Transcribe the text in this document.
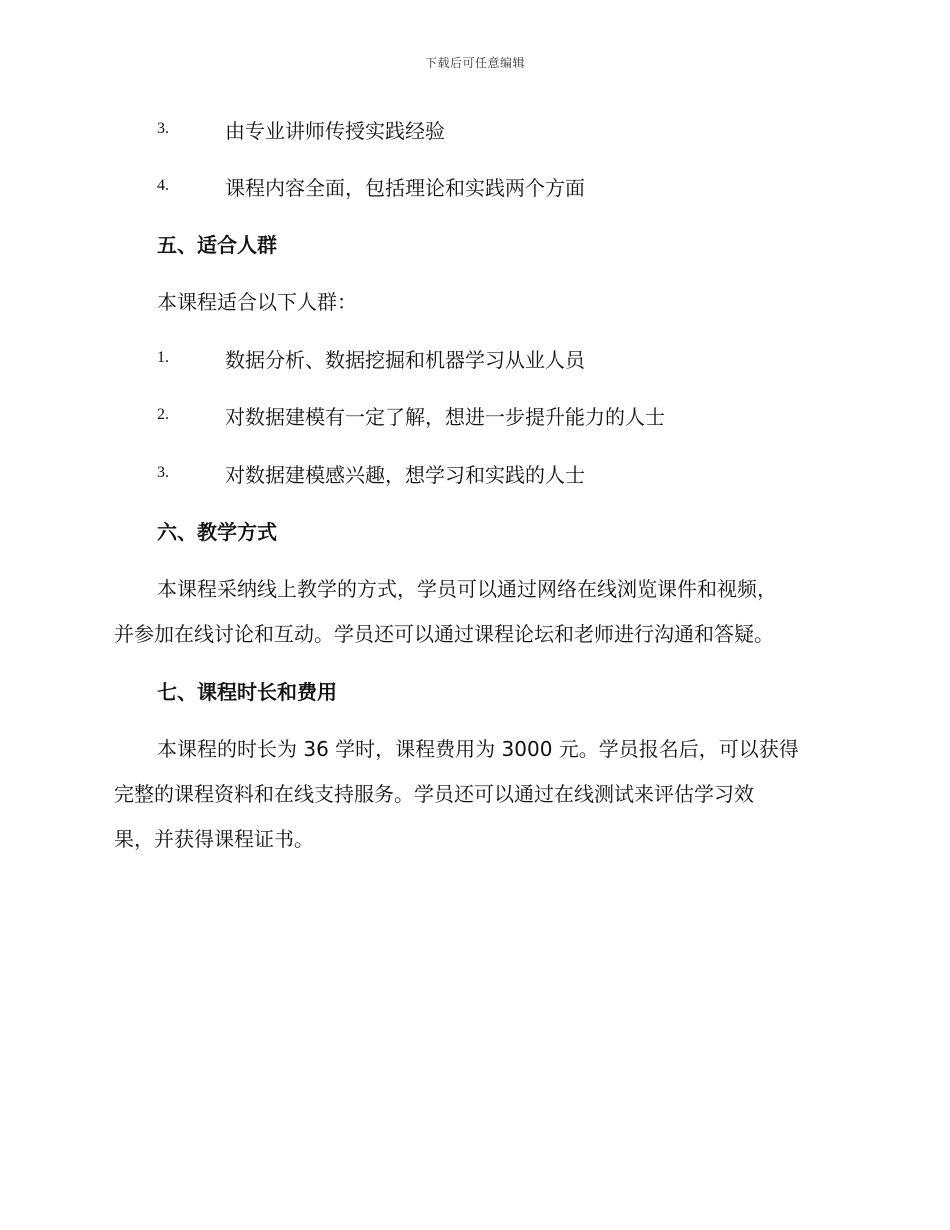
下载后可任意编辑
3.	由专业讲师传授实践经验
4.	课程内容全面，包括理论和实践两个方面
五、适合人群
本课程适合以下人群：
1.	数据分析、数据挖掘和机器学习从业人员
2.	对数据建模有一定了解，想进一步提升能力的人士
3.	对数据建模感兴趣，想学习和实践的人士
六、教学方式
本课程采纳线上教学的方式，学员可以通过网络在线浏览课件和视频，
并参加在线讨论和互动。学员还可以通过课程论坛和老师进行沟通和答疑。
七、课程时长和费用
本课程的时长为 36 学时，课程费用为 3000 元。学员报名后，可以获得
完整的课程资料和在线支持服务。学员还可以通过在线测试来评估学习效
果，并获得课程证书。
